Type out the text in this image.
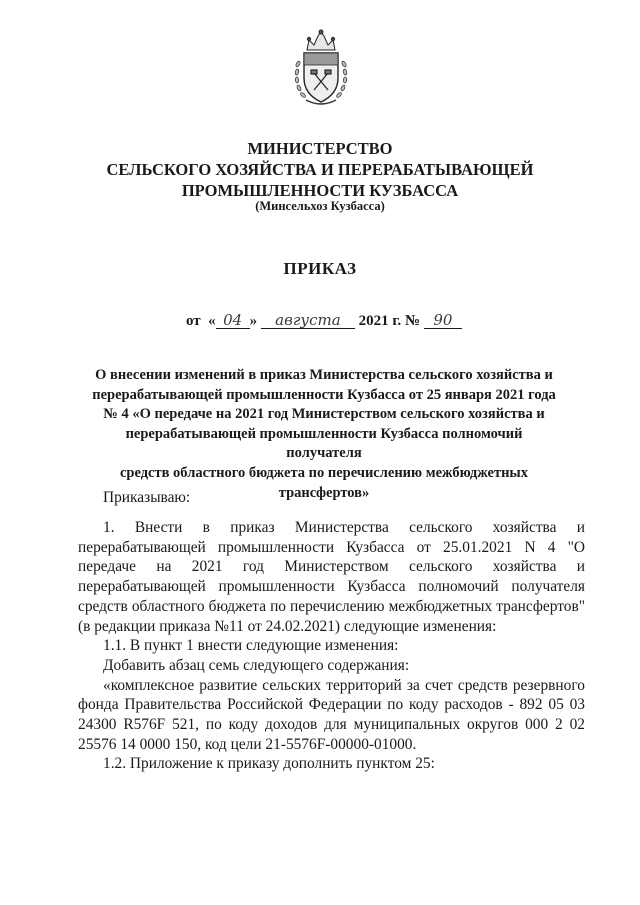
МИНИСТЕРСТВО
СЕЛЬСКОГО ХОЗЯЙСТВА И ПЕРЕРАБАТЫВАЮЩЕЙ
ПРОМЫШЛЕННОСТИ КУЗБАССА
(Минсельхоз Кузбасса)
ПРИКАЗ
от  « 04 » августа 2021 г. № 90
О внесении изменений в приказ Министерства сельского хозяйства и
перерабатывающей промышленности Кузбасса от 25 января 2021 года
№ 4 «О передаче на 2021 год Министерством сельского хозяйства и
перерабатывающей промышленности Кузбасса полномочий получателя
средств областного бюджета по перечислению межбюджетных
трансфертов»

Приказываю:

1. Внести в приказ Министерства сельского хозяйства и перерабатывающей промышленности Кузбасса от 25.01.2021 N 4 "О передаче на 2021 год Министерством сельского хозяйства и перерабатывающей промышленности Кузбасса полномочий получателя средств областного бюджета по перечислению межбюджетных трансфертов" (в редакции приказа №11 от 24.02.2021) следующие изменения:

1.1. В пункт 1 внести следующие изменения:

Добавить абзац семь следующего содержания:

«комплексное развитие сельских территорий за счет средств резервного фонда Правительства Российской Федерации по коду расходов - 892 05 03 24300 R576F 521, по коду доходов для муниципальных округов 000 2 02 25576 14 0000 150, код цели 21-5576F-00000-01000.

1.2. Приложение к приказу дополнить пунктом 25:
